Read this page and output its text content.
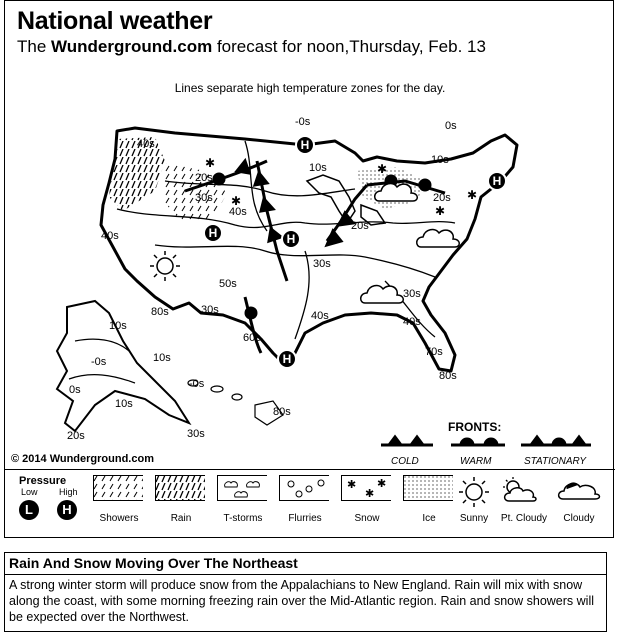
National weather
The Wunderground.com forecast for noon,Thursday, Feb. 13
Lines separate high temperature zones for the day.
H
H	H
H
H
✱
✱
✱
✱
✱
-0s	0s
10s
40s
40s
30s
20s
20s
30s
20s
10s
50s
80s
60s
40s
30s
40s
70s
80s
40s
30s
10s
-0s	10s
0s
10s
-0s
20s
80s
30s
© 2014 Wunderground.com
FRONTS:
COLD	WARM	STATIONARY
Pressure
Low High
L	H
✱
✱
✱
Showers	Rain	T-storms	Flurries	Snow	Ice	Sunny	Pt. Cloudy	Cloudy
Rain And Snow Moving Over The Northeast
A strong winter storm will produce snow from the Appalachians to New England. Rain will mix with snow along the coast, with some morning freezing rain over the Mid-Atlantic region. Rain and snow showers will be expected over the Northwest.
